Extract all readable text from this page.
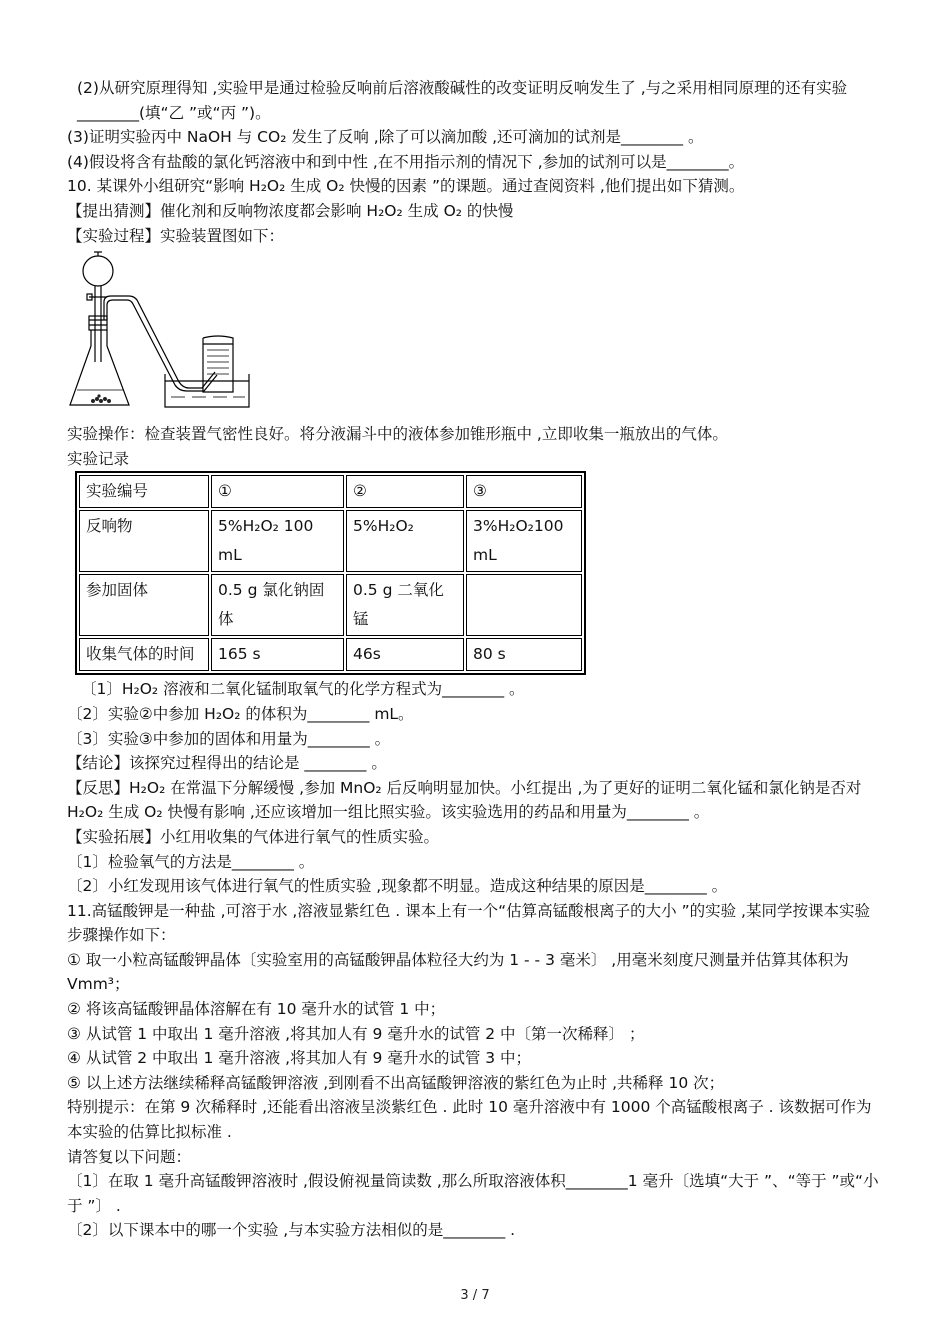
(2)从研究原理得知 ,实验甲是通过检验反响前后溶液酸碱性的改变证明反响发生了 ,与之采用相同原理的还有实验________(填“乙 ”或“丙 ”)。

(3)证明实验丙中 NaOH 与 CO₂ 发生了反响 ,除了可以滴加酸 ,还可滴加的试剂是________ 。

(4)假设将含有盐酸的氯化钙溶液中和到中性 ,在不用指示剂的情况下 ,参加的试剂可以是________。

10. 某课外小组研究“影响 H₂O₂ 生成 O₂ 快慢的因素 ”的课题。通过查阅资料 ,他们提出如下猜测。

【提出猜测】催化剂和反响物浓度都会影响 H₂O₂ 生成 O₂ 的快慢

【实验过程】实验装置图如下：

实验操作：检查装置气密性良好。将分液漏斗中的液体参加锥形瓶中 ,立即收集一瓶放出的气体。

实验记录

实验编号	①	②	③
反响物	5%H₂O₂ 100 mL	5%H₂O₂	3%H₂O₂100 mL
参加固体	0.5 g 氯化钠固体	0.5 g 二氧化锰	
收集气体的时间	165 s	46s	80 s

〔1〕H₂O₂ 溶液和二氧化锰制取氧气的化学方程式为________ 。

〔2〕实验②中参加 H₂O₂ 的体积为________ mL。

〔3〕实验③中参加的固体和用量为________ 。

【结论】该探究过程得出的结论是 ________ 。

【反思】H₂O₂ 在常温下分解缓慢 ,参加 MnO₂ 后反响明显加快。小红提出 ,为了更好的证明二氧化锰和氯化钠是否对 H₂O₂ 生成 O₂ 快慢有影响 ,还应该增加一组比照实验。该实验选用的药品和用量为________ 。

【实验拓展】小红用收集的气体进行氧气的性质实验。

〔1〕检验氧气的方法是________ 。

〔2〕小红发现用该气体进行氧气的性质实验 ,现象都不明显。造成这种结果的原因是________ 。

11.高锰酸钾是一种盐 ,可溶于水 ,溶液显紫红色 . 课本上有一个“估算高锰酸根离子的大小 ”的实验 ,某同学按课本实验步骤操作如下：

① 取一小粒高锰酸钾晶体〔实验室用的高锰酸钾晶体粒径大约为 1 - - 3 毫米〕 ,用毫米刻度尺测量并估算其体积为 Vmm³；

② 将该高锰酸钾晶体溶解在有 10 毫升水的试管 1 中；

③ 从试管 1 中取出 1 毫升溶液 ,将其加人有 9 毫升水的试管 2 中〔第一次稀释〕 ；

④ 从试管 2 中取出 1 毫升溶液 ,将其加人有 9 毫升水的试管 3 中；

⑤ 以上述方法继续稀释高锰酸钾溶液 ,到刚看不出高锰酸钾溶液的紫红色为止时 ,共稀释 10 次；

特别提示：在第 9 次稀释时 ,还能看出溶液呈淡紫红色 . 此时 10 毫升溶液中有 1000 个高锰酸根离子 . 该数据可作为本实验的估算比拟标准 .

请答复以下问题：

〔1〕在取 1 毫升高锰酸钾溶液时 ,假设俯视量筒读数 ,那么所取溶液体积________1 毫升〔选填“大于 ”、“等于 ”或“小于 ”〕 .

〔2〕以下课本中的哪一个实验 ,与本实验方法相似的是________ .

3 / 7
